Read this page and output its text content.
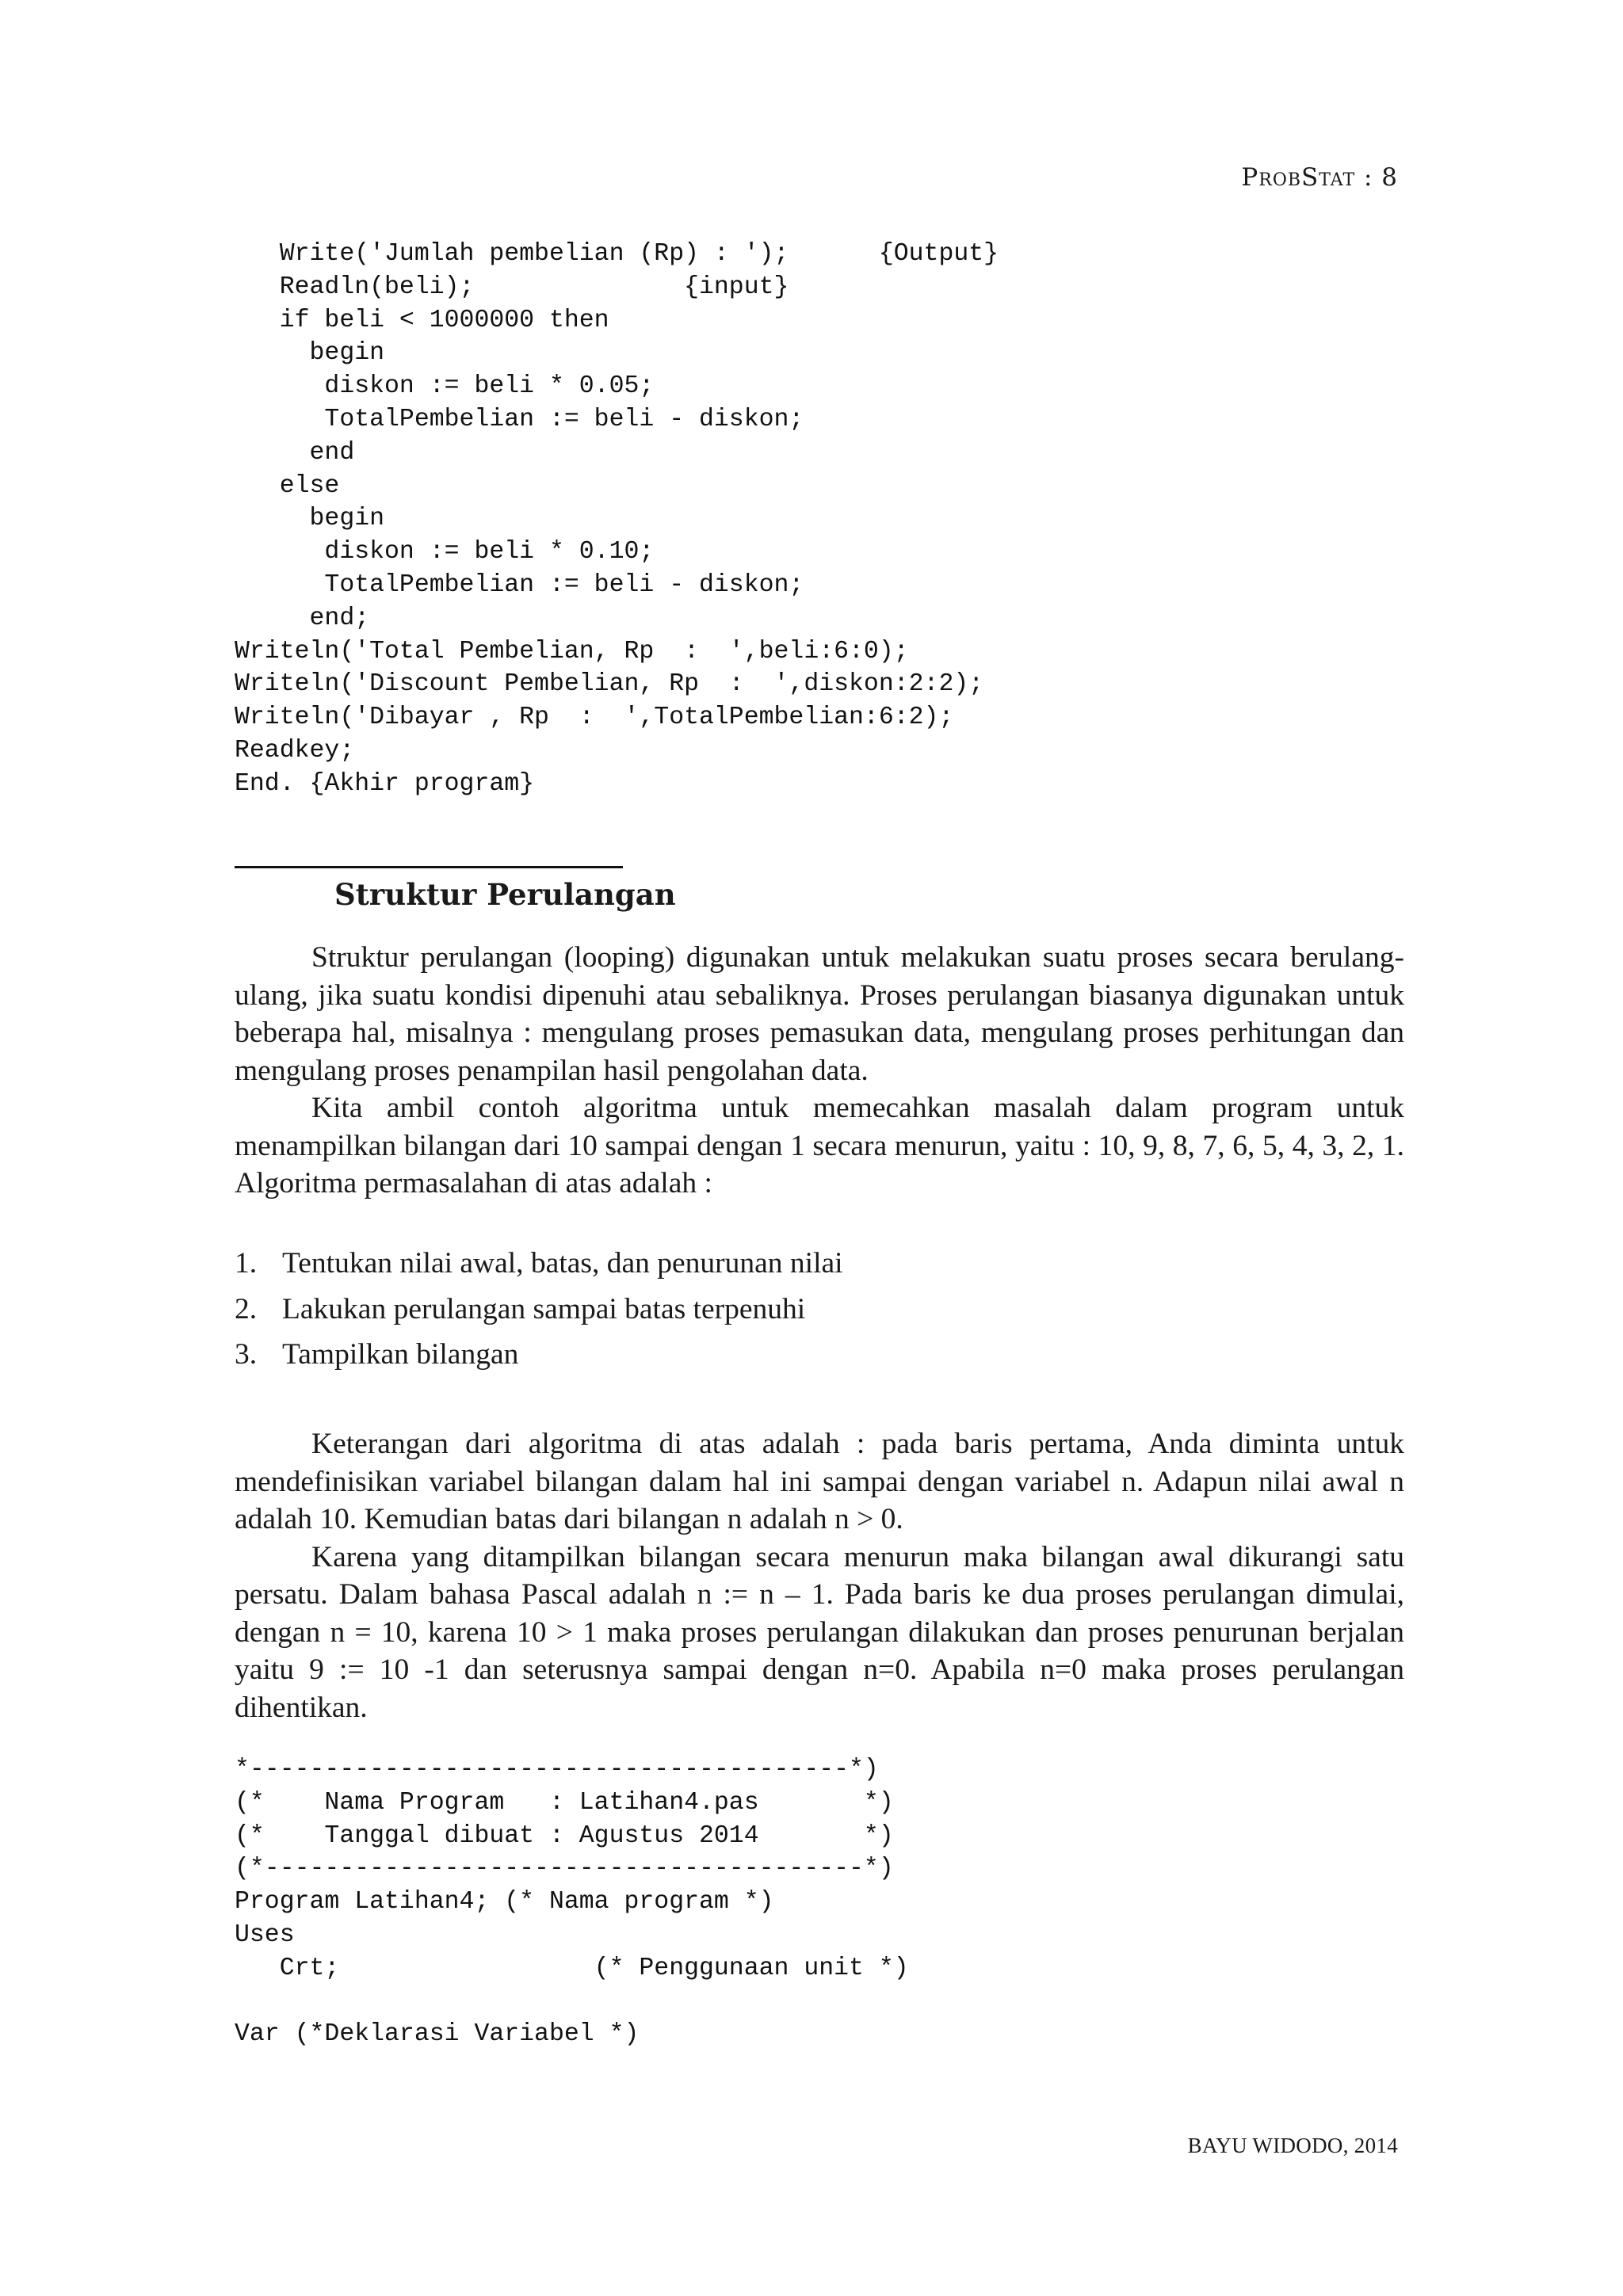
ProbStat : 8
Write('Jumlah pembelian (Rp) : ');      {Output}
Readln(beli);              {input}
if beli < 1000000 then
begin
diskon := beli * 0.05;
TotalPembelian := beli - diskon;
end
else
begin
diskon := beli * 0.10;
TotalPembelian := beli - diskon;
end;
Writeln('Total Pembelian, Rp  :  ',beli:6:0);
Writeln('Discount Pembelian, Rp  :  ',diskon:2:2);
Writeln('Dibayar , Rp  :  ',TotalPembelian:6:2);
Readkey;
End. {Akhir program}
Struktur Perulangan

Struktur perulangan (looping) digunakan untuk melakukan suatu proses secara berulang-ulang, jika suatu kondisi dipenuhi atau sebaliknya. Proses perulangan biasanya digunakan untuk beberapa hal, misalnya : mengulang proses pemasukan data, mengulang proses perhitungan dan mengulang proses penampilan hasil pengolahan data.

Kita ambil contoh algoritma untuk memecahkan masalah dalam program untuk menampilkan bilangan dari 10 sampai dengan 1 secara menurun, yaitu : 10, 9, 8, 7, 6, 5, 4, 3, 2, 1. Algoritma permasalahan di atas adalah :

1. Tentukan nilai awal, batas, dan penurunan nilai
2. Lakukan perulangan sampai batas terpenuhi
3. Tampilkan bilangan

Keterangan dari algoritma di atas adalah : pada baris pertama, Anda diminta untuk mendefinisikan variabel bilangan dalam hal ini sampai dengan variabel n. Adapun nilai awal n adalah 10. Kemudian batas dari bilangan n adalah n > 0.

Karena yang ditampilkan bilangan secara menurun maka bilangan awal dikurangi satu persatu. Dalam bahasa Pascal adalah n := n – 1. Pada baris ke dua proses perulangan dimulai, dengan n = 10, karena 10 > 1 maka proses perulangan dilakukan dan proses penurunan berjalan yaitu 9 := 10 -1 dan seterusnya sampai dengan n=0. Apabila n=0 maka proses perulangan dihentikan.

*----------------------------------------*)
(*    Nama Program   : Latihan4.pas       *)
(*    Tanggal dibuat : Agustus 2014       *)
(*----------------------------------------*)
Program Latihan4; (* Nama program *)
Uses
Crt;                 (* Penggunaan unit *)

Var (*Deklarasi Variabel *)
BAYU WIDODO, 2014
